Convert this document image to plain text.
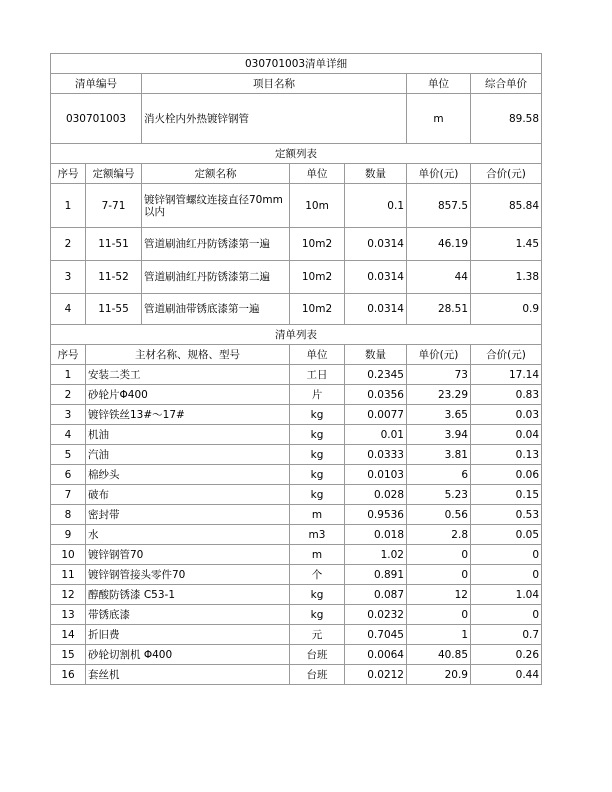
030701003清单详细						
清单编号		项目名称			单位	综合单价
030701003		消火栓内外热镀锌钢管			m	89.58
定额列表						
序号	定额编号	定额名称	单位	数量	单价(元)	合价(元)
1	7-71	镀锌钢管螺纹连接直径70mm以内	10m	0.1	857.5	85.84
2	11-51	管道刷油红丹防锈漆第一遍	10m2	0.0314	46.19	1.45
3	11-52	管道刷油红丹防锈漆第二遍	10m2	0.0314	44	1.38
4	11-55	管道刷油带锈底漆第一遍	10m2	0.0314	28.51	0.9
清单列表						
序号	主材名称、规格、型号		单位	数量	单价(元)	合价(元)
1	安装二类工		工日	0.2345	73	17.14
2	砂轮片Φ400		片	0.0356	23.29	0.83
3	镀锌铁丝13#～17#		kg	0.0077	3.65	0.03
4	机油		kg	0.01	3.94	0.04
5	汽油		kg	0.0333	3.81	0.13
6	棉纱头		kg	0.0103	6	0.06
7	破布		kg	0.028	5.23	0.15
8	密封带		m	0.9536	0.56	0.53
9	水		m3	0.018	2.8	0.05
10	镀锌钢管70		m	1.02	0	0
11	镀锌钢管接头零件70		个	0.891	0	0
12	醇酸防锈漆 C53-1		kg	0.087	12	1.04
13	带锈底漆		kg	0.0232	0	0
14	折旧费		元	0.7045	1	0.7
15	砂轮切割机 Φ400		台班	0.0064	40.85	0.26
16	套丝机		台班	0.0212	20.9	0.44
